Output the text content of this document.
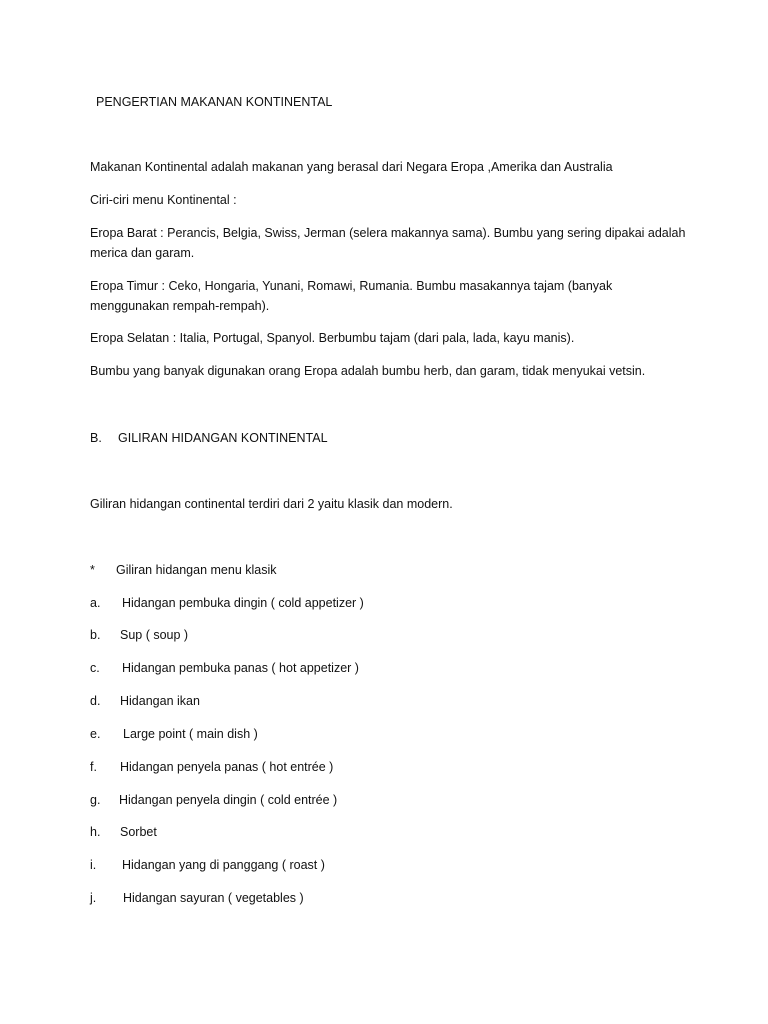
PENGERTIAN MAKANAN KONTINENTAL
Makanan Kontinental adalah makanan yang berasal dari Negara Eropa ,Amerika dan Australia
Ciri-ciri menu Kontinental :
Eropa Barat : Perancis, Belgia, Swiss, Jerman (selera makannya sama). Bumbu yang sering dipakai adalah
merica dan garam.
Eropa Timur : Ceko, Hongaria, Yunani, Romawi, Rumania. Bumbu masakannya tajam (banyak
menggunakan rempah-rempah).
Eropa Selatan : Italia, Portugal, Spanyol. Berbumbu tajam (dari pala, lada, kayu manis).
Bumbu yang banyak digunakan orang Eropa adalah bumbu herb, dan garam, tidak menyukai vetsin.
B. GILIRAN HIDANGAN KONTINENTAL
Giliran hidangan continental terdiri dari 2 yaitu klasik dan modern.
* Giliran hidangan menu klasik
a. Hidangan pembuka dingin ( cold appetizer )
b. Sup ( soup )
c. Hidangan pembuka panas ( hot appetizer )
d. Hidangan ikan
e. Large point ( main dish )
f. Hidangan penyela panas ( hot entrée )
g. Hidangan penyela dingin ( cold entrée )
h. Sorbet
i. Hidangan yang di panggang ( roast )
j. Hidangan sayuran ( vegetables )
